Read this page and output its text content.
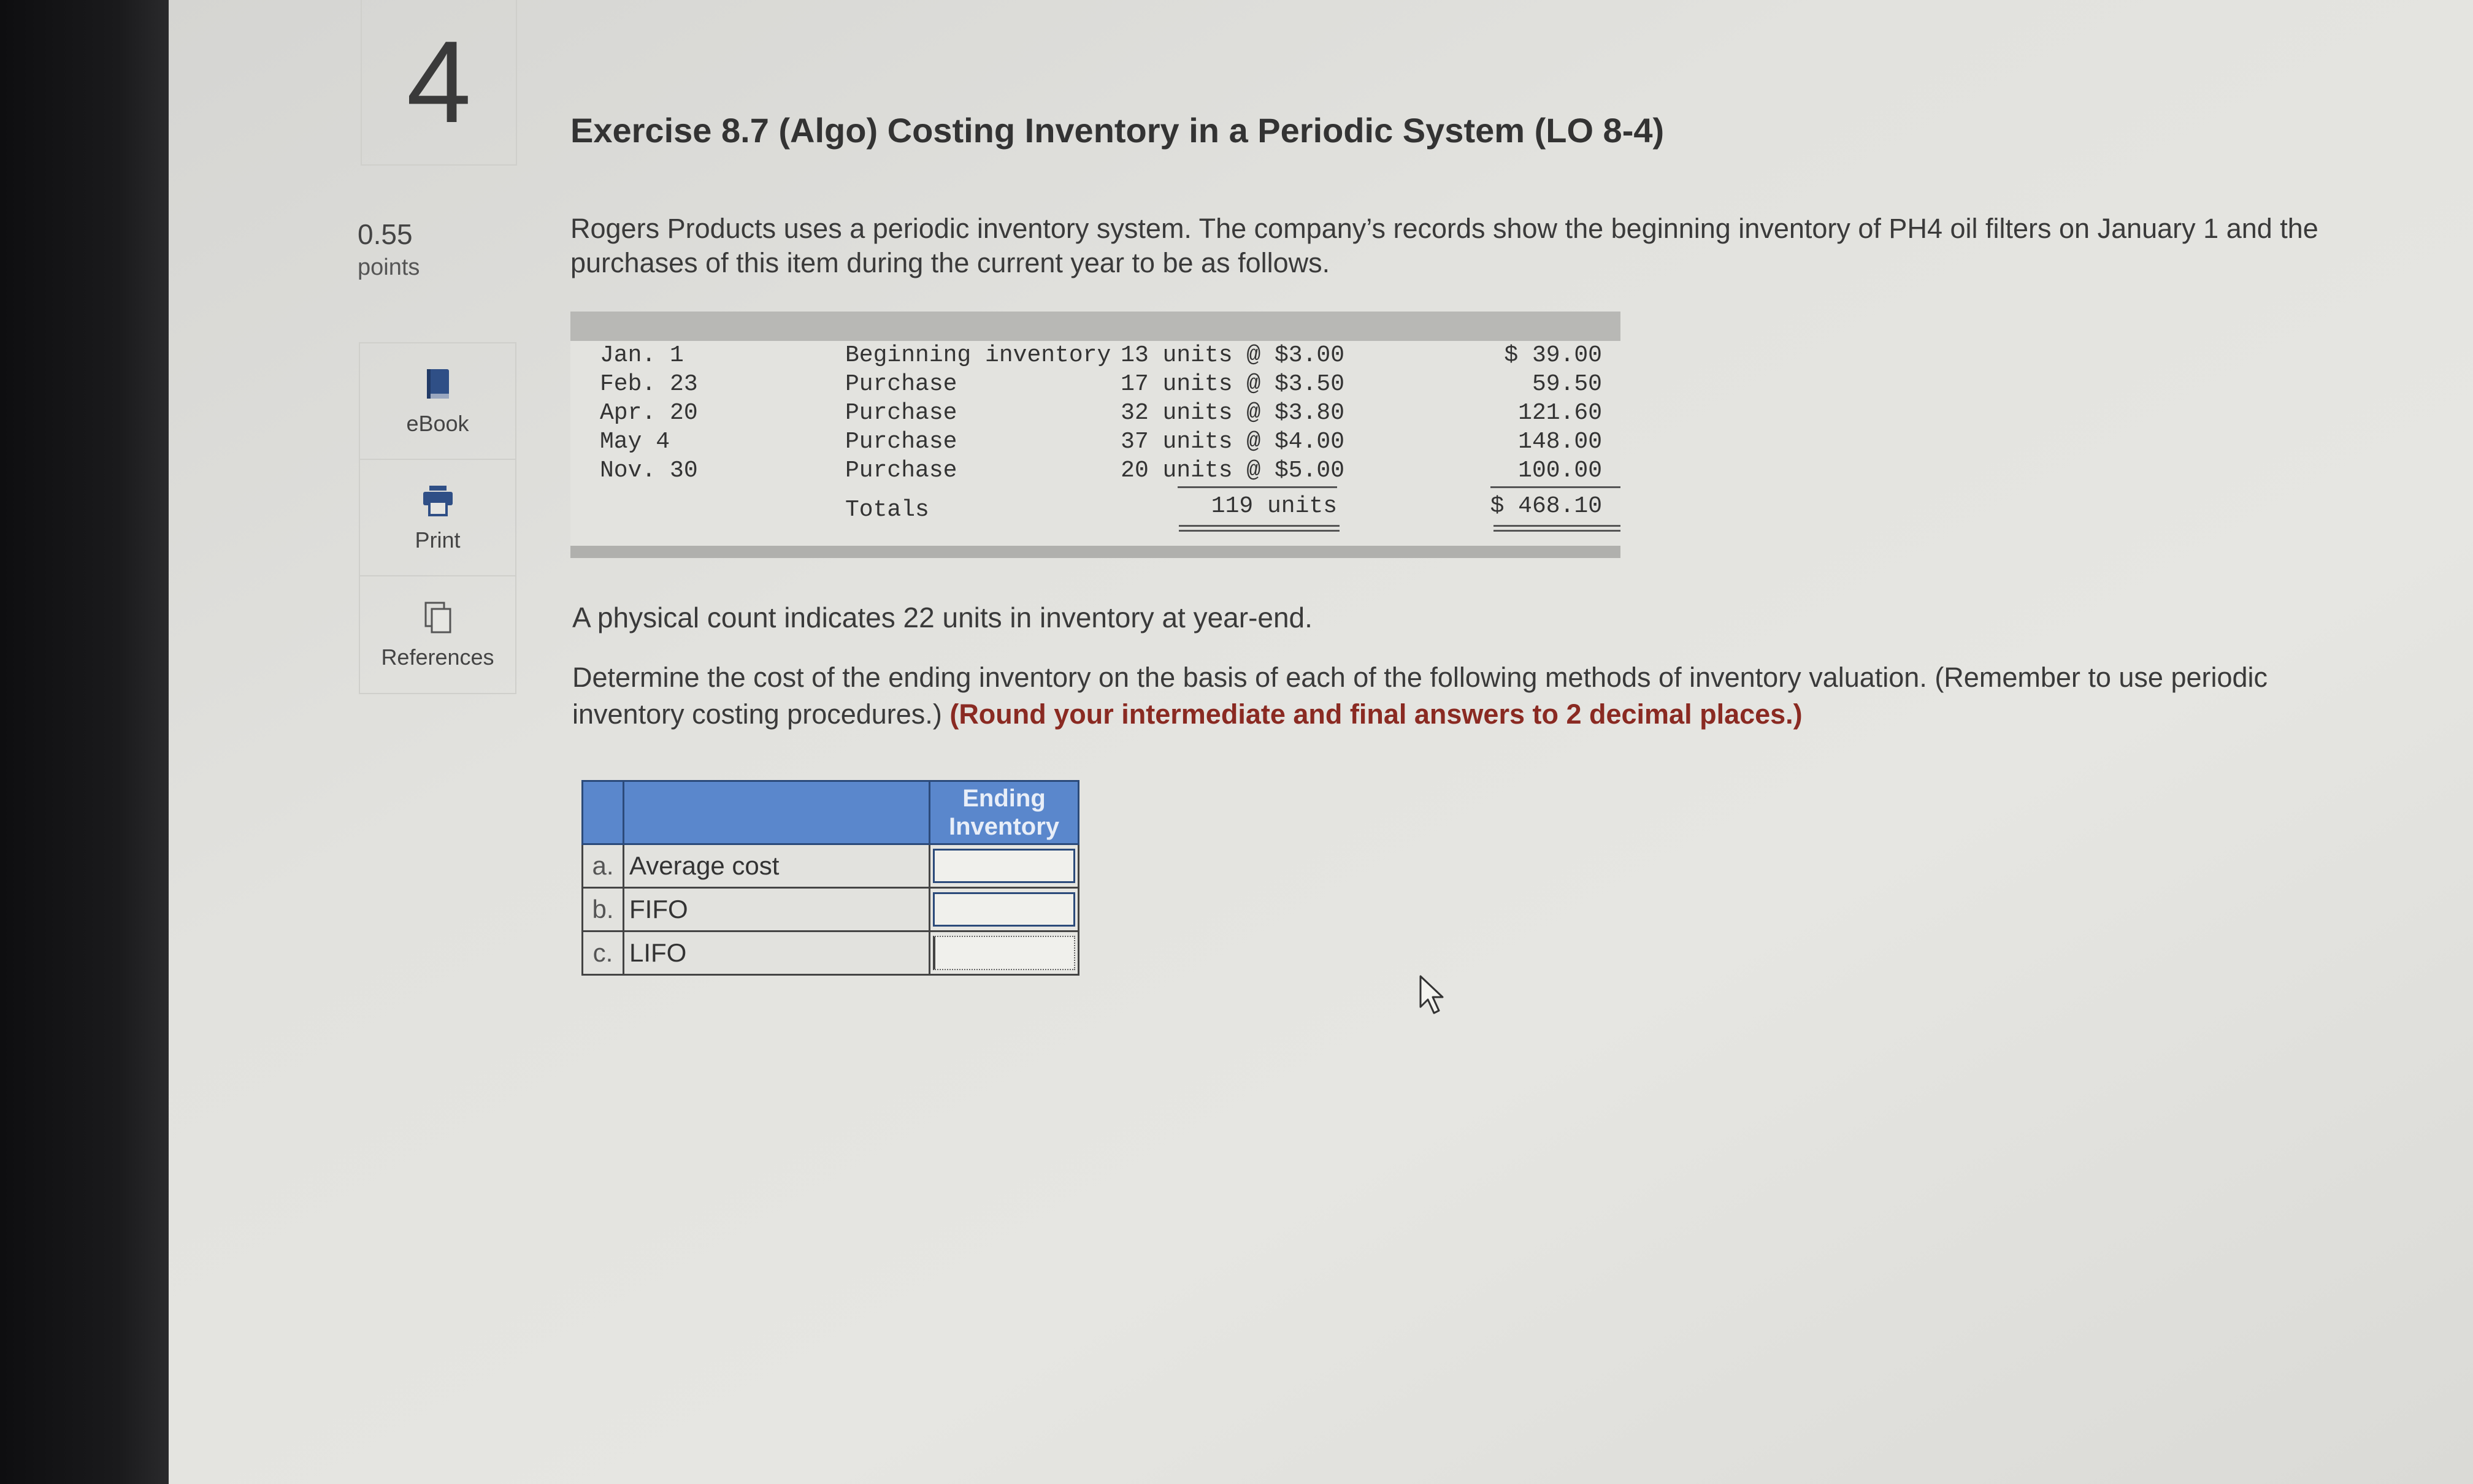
4
0.55
points
eBook
Print
References
Exercise 8.7 (Algo) Costing Inventory in a Periodic System (LO 8-4)
Rogers Products uses a periodic inventory system. The company’s records show the beginning inventory of PH4 oil filters on January 1 and the purchases of this item during the current year to be as follows.
Jan. 1	Beginning inventory 13 units @ $3.00	$ 39.00
Feb. 23	Purchase	17 units @ $3.50	59.50
Apr. 20	Purchase	32 units @ $3.80	121.60
May 4	Purchase	37 units @ $4.00	148.00
Nov. 30	Purchase	20 units @ $5.00	100.00
Totals	119 units	$ 468.10
A physical count indicates 22 units in inventory at year-end.
Determine the cost of the ending inventory on the basis of each of the following methods of inventory valuation. (Remember to use periodic inventory costing procedures.) (Round your intermediate and final answers to 2 decimal places.)
		Ending Inventory
a.	Average cost	

b.	FIFO	

c.	LIFO	
